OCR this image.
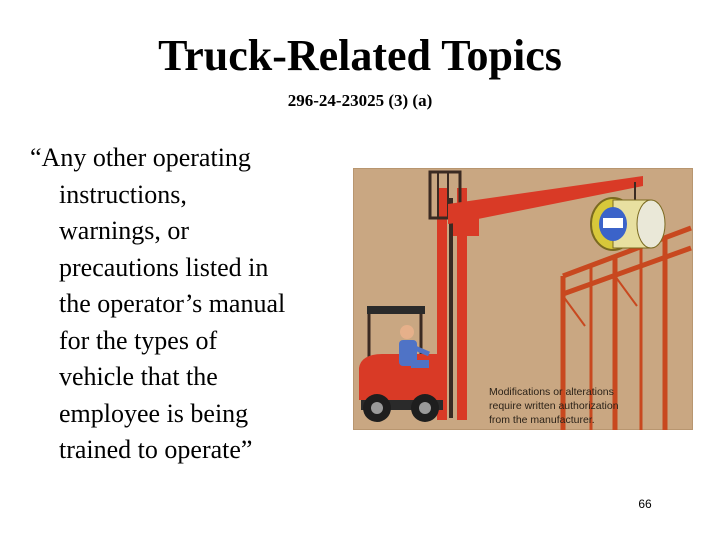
Truck-Related Topics
296-24-23025 (3) (a)
“Any other operating
instructions,
warnings, or
precautions listed in
the operator’s manual
for the types of
vehicle that the
employee is being
trained to operate”
Modifications or alterations
require written authorization
from the manufacturer.
66
